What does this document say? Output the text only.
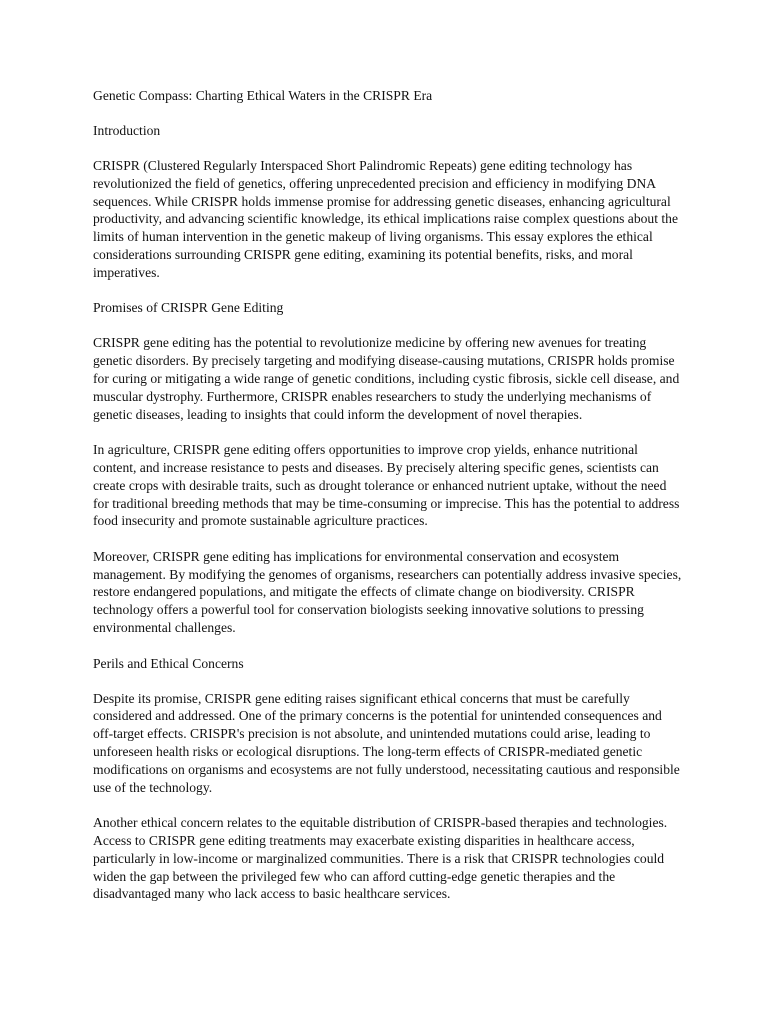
Genetic Compass: Charting Ethical Waters in the CRISPR Era

Introduction

CRISPR (Clustered Regularly Interspaced Short Palindromic Repeats) gene editing technology has revolutionized the field of genetics, offering unprecedented precision and efficiency in modifying DNA sequences. While CRISPR holds immense promise for addressing genetic diseases, enhancing agricultural productivity, and advancing scientific knowledge, its ethical implications raise complex questions about the limits of human intervention in the genetic makeup of living organisms. This essay explores the ethical considerations surrounding CRISPR gene editing, examining its potential benefits, risks, and moral imperatives.

Promises of CRISPR Gene Editing

CRISPR gene editing has the potential to revolutionize medicine by offering new avenues for treating genetic disorders. By precisely targeting and modifying disease-causing mutations, CRISPR holds promise for curing or mitigating a wide range of genetic conditions, including cystic fibrosis, sickle cell disease, and muscular dystrophy. Furthermore, CRISPR enables researchers to study the underlying mechanisms of genetic diseases, leading to insights that could inform the development of novel therapies.

In agriculture, CRISPR gene editing offers opportunities to improve crop yields, enhance nutritional content, and increase resistance to pests and diseases. By precisely altering specific genes, scientists can create crops with desirable traits, such as drought tolerance or enhanced nutrient uptake, without the need for traditional breeding methods that may be time-consuming or imprecise. This has the potential to address food insecurity and promote sustainable agriculture practices.

Moreover, CRISPR gene editing has implications for environmental conservation and ecosystem management. By modifying the genomes of organisms, researchers can potentially address invasive species, restore endangered populations, and mitigate the effects of climate change on biodiversity. CRISPR technology offers a powerful tool for conservation biologists seeking innovative solutions to pressing environmental challenges.

Perils and Ethical Concerns

Despite its promise, CRISPR gene editing raises significant ethical concerns that must be carefully considered and addressed. One of the primary concerns is the potential for unintended consequences and off-target effects. CRISPR's precision is not absolute, and unintended mutations could arise, leading to unforeseen health risks or ecological disruptions. The long-term effects of CRISPR-mediated genetic modifications on organisms and ecosystems are not fully understood, necessitating cautious and responsible use of the technology.

Another ethical concern relates to the equitable distribution of CRISPR-based therapies and technologies. Access to CRISPR gene editing treatments may exacerbate existing disparities in healthcare access, particularly in low-income or marginalized communities. There is a risk that CRISPR technologies could widen the gap between the privileged few who can afford cutting-edge genetic therapies and the disadvantaged many who lack access to basic healthcare services.
